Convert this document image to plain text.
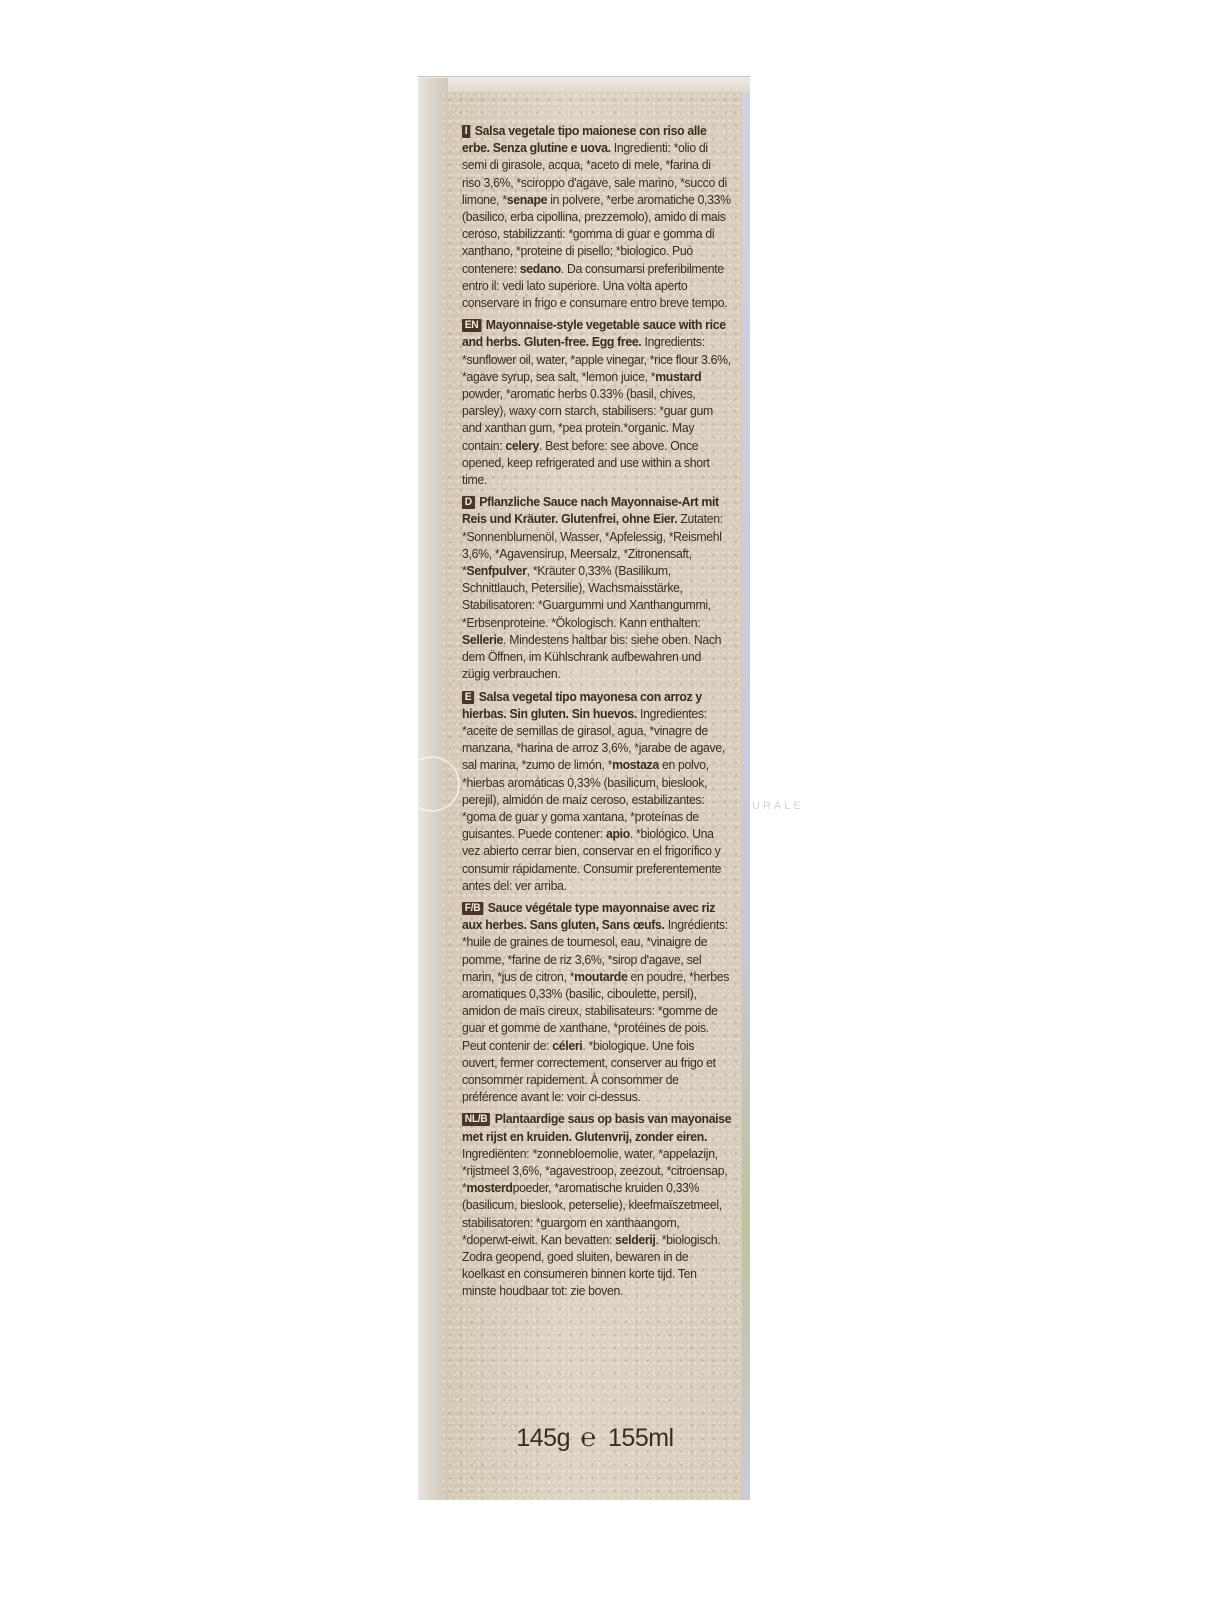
I Salsa vegetale tipo maionese con riso alle erbe. Senza glutine e uova. Ingredienti: *olio di semi di girasole, acqua, *aceto di mele, *farina di riso 3,6%, *sciroppo d'agave, sale marino, *succo di limone, *senape in polvere, *erbe aromatiche 0,33% (basilico, erba cipollina, prezzemolo), amido di mais ceroso, stabilizzanti: *gomma di guar e gomma di xanthano, *proteine di pisello; *biologico. Può contenere: sedano. Da consumarsi preferibilmente entro il: vedi lato superiore. Una volta aperto conservare in frigo e consumare entro breve tempo.
EN Mayonnaise-style vegetable sauce with rice and herbs. Gluten-free. Egg free. Ingredients: *sunflower oil, water, *apple vinegar, *rice flour 3.6%, *agave syrup, sea salt, *lemon juice, *mustard powder, *aromatic herbs 0.33% (basil, chives, parsley), waxy corn starch, stabilisers: *guar gum and xanthan gum, *pea protein.*organic. May contain: celery. Best before: see above. Once opened, keep refrigerated and use within a short time.
D Pflanzliche Sauce nach Mayonnaise-Art mit Reis und Kräuter. Glutenfrei, ohne Eier. Zutaten: *Sonnenblumenöl, Wasser, *Apfelessig, *Reismehl 3,6%, *Agavensirup, Meersalz, *Zitronensaft, *Senfpulver, *Kräuter 0,33% (Basilikum, Schnittlauch, Petersilie), Wachsmaisstärke, Stabilisatoren: *Guargummi und Xanthangummi, *Erbsenproteine. *Ökologisch. Kann enthalten: Sellerie. Mindestens haltbar bis: siehe oben. Nach dem Öffnen, im Kühlschrank aufbewahren und zügig verbrauchen.
E Salsa vegetal tipo mayonesa con arroz y hierbas. Sin gluten. Sin huevos. Ingredientes: *aceite de semillas de girasol, agua, *vinagre de manzana, *harina de arroz 3,6%, *jarabe de agave, sal marina, *zumo de limón, *mostaza en polvo, *hierbas aromáticas 0,33% (basilicum, bieslook, perejil), almidón de maíz ceroso, estabilizantes: *goma de guar y goma xantana, *proteínas de guisantes. Puede contener: apio. *biológico. Una vez abierto cerrar bien, conservar en el frigorífico y consumir rápidamente. Consumir preferentemente antes del: ver arriba.
F/B Sauce végétale type mayonnaise avec riz aux herbes. Sans gluten, Sans œufs. Ingrédients: *huile de graines de tournesol, eau, *vinaigre de pomme, *farine de riz 3,6%, *sirop d'agave, sel marin, *jus de citron, *moutarde en poudre, *herbes aromatiques 0,33% (basilic, ciboulette, persil), amidon de maïs cireux, stabilisateurs: *gomme de guar et gomme de xanthane, *protéines de pois. Peut contenir de: céleri. *biologique. Une fois ouvert, fermer correctement, conserver au frigo et consommer rapidement. À consommer de préférence avant le: voir ci-dessus.
NL/B Plantaardige saus op basis van mayonaise met rijst en kruiden. Glutenvrij, zonder eiren. Ingrediënten: *zonnebloemolie, water, *appelazijn, *rijstmeel 3,6%, *agavestroop, zeezout, *citroensap, *mosterdpoeder, *aromatische kruiden 0,33% (basilicum, bieslook, peterselie), kleefmaïszetmeel, stabilisatoren: *guargom en xanthaangom, *doperwt-eiwit. Kan bevatten: selderij. *biologisch. Zodra geopend, goed sluiten, bewaren in de koelkast en consumeren binnen korte tijd. Ten minste houdbaar tot: zie boven.
145g ℮ 155ml
rsi
URALE
